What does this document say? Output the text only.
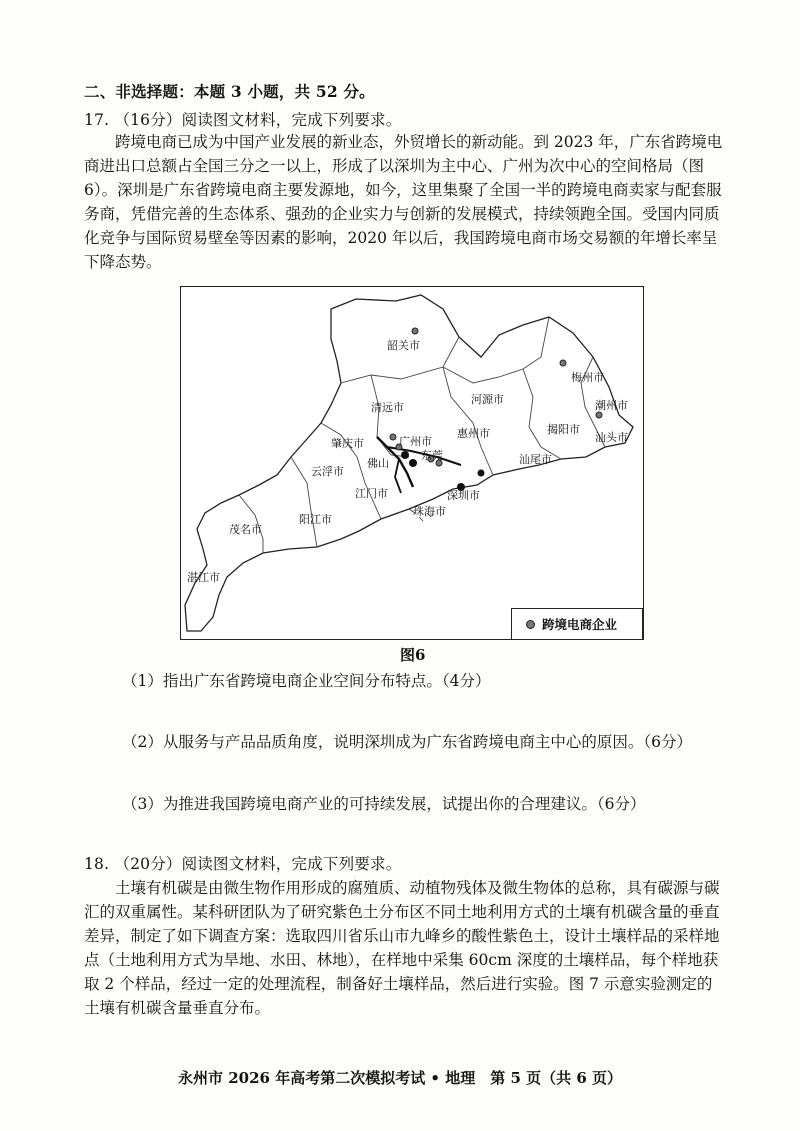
二、非选择题：本题 3 小题，共 52 分。
17. （16分）阅读图文材料，完成下列要求。
跨境电商已成为中国产业发展的新业态，外贸增长的新动能。到 2023 年，广东省跨境电商进出口总额占全国三分之一以上，形成了以深圳为主中心、广州为次中心的空间格局（图 6）。深圳是广东省跨境电商主要发源地，如今，这里集聚了全国一半的跨境电商卖家与配套服务商，凭借完善的生态体系、强劲的企业实力与创新的发展模式，持续领跑全国。受国内同质化竞争与国际贸易壁垒等因素的影响，2020 年以后，我国跨境电商市场交易额的年增长率呈下降态势。
韶关市
梅州市
清远市
河源市	潮州市
揭阳市
汕头市
肇庆市	广州市
惠州市
佛山
东莞	汕尾市
云浮市
江门市	深圳市
珠海市
茂名市
阳江市
湛江市
跨境电商企业
图6
（1）指出广东省跨境电商企业空间分布特点。（4分）
（2）从服务与产品品质角度，说明深圳成为广东省跨境电商主中心的原因。（6分）
（3）为推进我国跨境电商产业的可持续发展，试提出你的合理建议。（6分）
18. （20分）阅读图文材料，完成下列要求。
土壤有机碳是由微生物作用形成的腐殖质、动植物残体及微生物体的总称，具有碳源与碳汇的双重属性。某科研团队为了研究紫色土分布区不同土地利用方式的土壤有机碳含量的垂直差异，制定了如下调查方案：选取四川省乐山市九峰乡的酸性紫色土，设计土壤样品的采样地点（土地利用方式为旱地、水田、林地），在样地中采集 60cm 深度的土壤样品，每个样地获取 2 个样品，经过一定的处理流程，制备好土壤样品，然后进行实验。图 7 示意实验测定的土壤有机碳含量垂直分布。
永州市 2026 年高考第二次模拟考试 • 地理　第 5 页（共 6 页）
